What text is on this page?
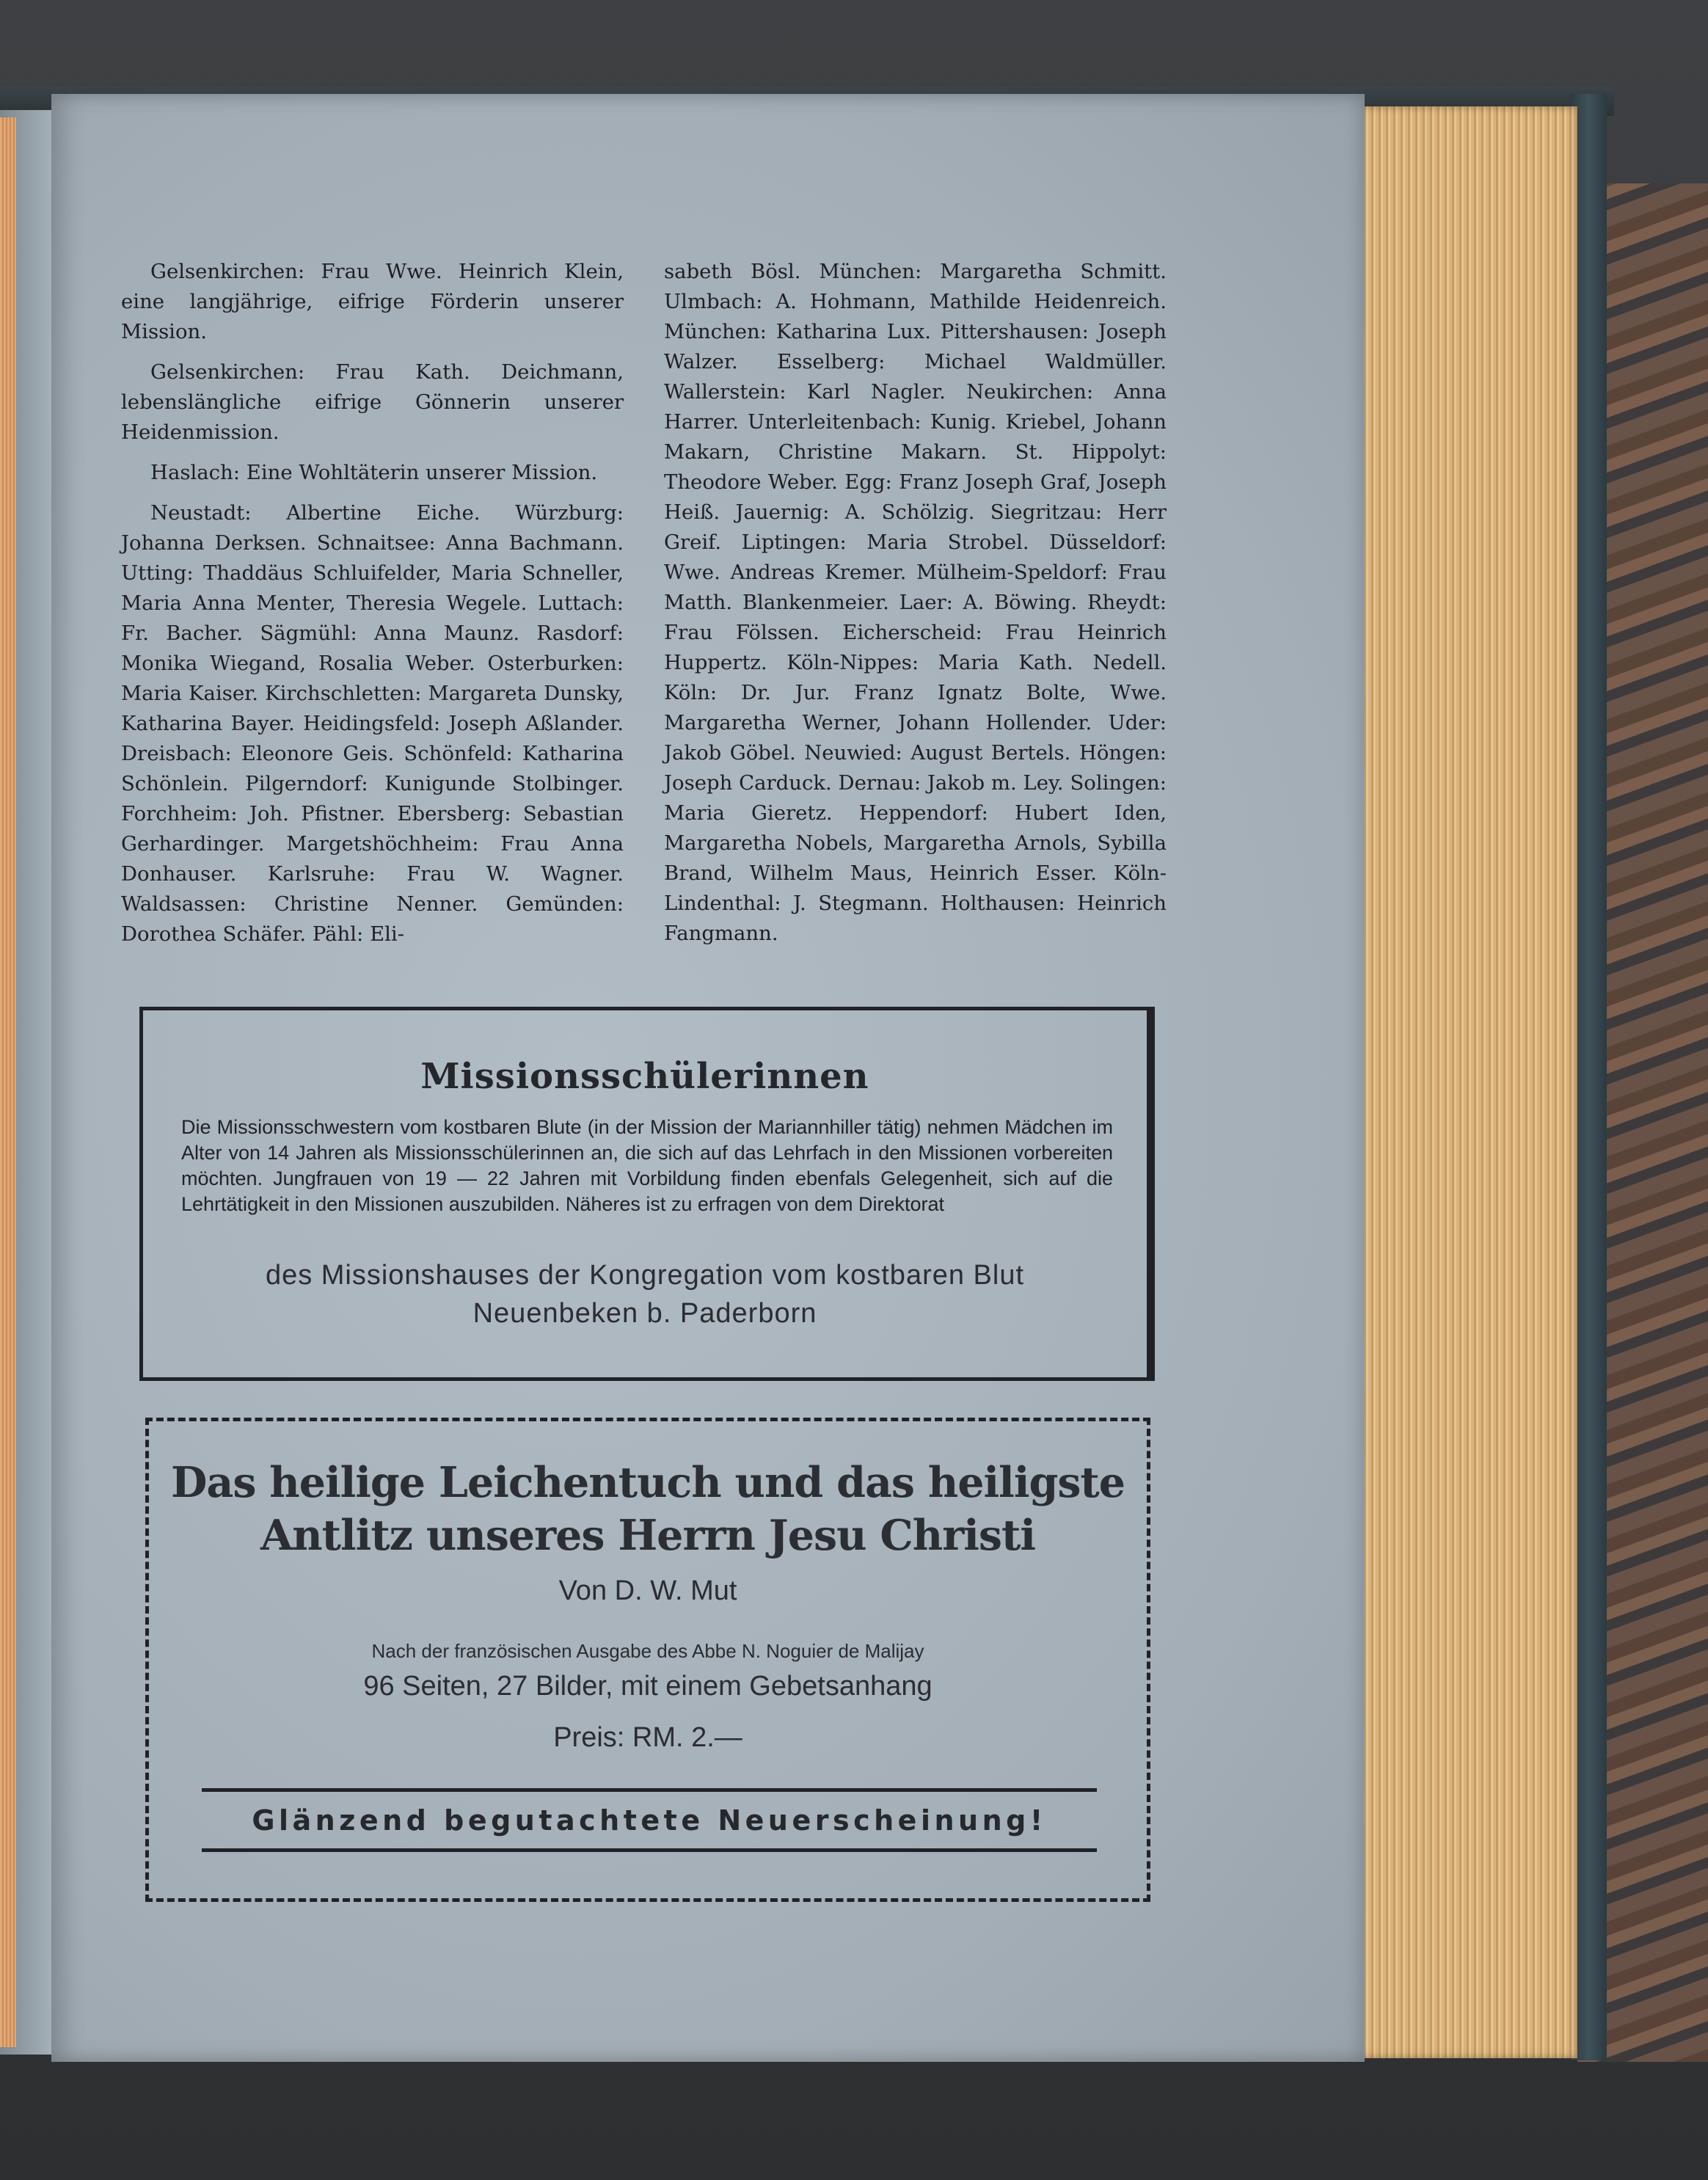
Gelsenkirchen: Frau Wwe. Heinrich Klein, eine langjährige, eifrige Förderin unserer Mission.

Gelsenkirchen: Frau Kath. Deichmann, lebenslängliche eifrige Gönnerin unserer Heidenmission.

Haslach: Eine Wohltäterin unserer Mission.

Neustadt: Albertine Eiche. Würzburg: Johanna Derksen. Schnaitsee: Anna Bachmann. Utting: Thaddäus Schluifelder, Maria Schneller, Maria Anna Menter, Theresia Wegele. Luttach: Fr. Bacher. Sägmühl: Anna Maunz. Rasdorf: Monika Wiegand, Rosalia Weber. Osterburken: Maria Kaiser. Kirchschletten: Margareta Dunsky, Katharina Bayer. Heidingsfeld: Joseph Aßlander. Dreisbach: Eleonore Geis. Schönfeld: Katharina Schönlein. Pilgerndorf: Kunigunde Stolbinger. Forchheim: Joh. Pfistner. Ebersberg: Sebastian Gerhardinger. Margetshöchheim: Frau Anna Donhauser. Karlsruhe: Frau W. Wagner. Waldsassen: Christine Nenner. Gemünden: Dorothea Schäfer. Pähl: Eli-

sabeth Bösl. München: Margaretha Schmitt. Ulmbach: A. Hohmann, Mathilde Heidenreich. München: Katharina Lux. Pittershausen: Joseph Walzer. Esselberg: Michael Waldmüller. Wallerstein: Karl Nagler. Neukirchen: Anna Harrer. Unterleitenbach: Kunig. Kriebel, Johann Makarn, Christine Makarn. St. Hippolyt: Theodore Weber. Egg: Franz Joseph Graf, Joseph Heiß. Jauernig: A. Schölzig. Siegritzau: Herr Greif. Liptingen: Maria Strobel. Düsseldorf: Wwe. Andreas Kremer. Mülheim-Speldorf: Frau Matth. Blankenmeier. Laer: A. Böwing. Rheydt: Frau Fölssen. Eicherscheid: Frau Heinrich Huppertz. Köln-Nippes: Maria Kath. Nedell. Köln: Dr. Jur. Franz Ignatz Bolte, Wwe. Margaretha Werner, Johann Hollender. Uder: Jakob Göbel. Neuwied: August Bertels. Höngen: Joseph Carduck. Dernau: Jakob m. Ley. Solingen: Maria Gieretz. Heppendorf: Hubert Iden, Margaretha Nobels, Margaretha Arnols, Sybilla Brand, Wilhelm Maus, Heinrich Esser. Köln-Lindenthal: J. Stegmann. Holthausen: Heinrich Fangmann.

Missionsschülerinnen
Die Missionsschwestern vom kostbaren Blute (in der Mission der Mariannhiller tätig) nehmen Mädchen im Alter von 14 Jahren als Missionsschülerinnen an, die sich auf das Lehrfach in den Missionen vorbereiten möchten. Jungfrauen von 19 — 22 Jahren mit Vorbildung finden ebenfals Gelegenheit, sich auf die Lehrtätigkeit in den Missionen auszubilden. Näheres ist zu erfragen von dem Direktorat
des Missionshauses der Kongregation vom kostbaren Blut
Neuenbeken b. Paderborn
Das heilige Leichentuch und das heiligste
Antlitz unseres Herrn Jesu Christi
Von D. W. Mut
Nach der französischen Ausgabe des Abbe N. Noguier de Malijay
96 Seiten, 27 Bilder, mit einem Gebetsanhang
Preis: RM. 2.—
Glänzend begutachtete Neuerscheinung!
